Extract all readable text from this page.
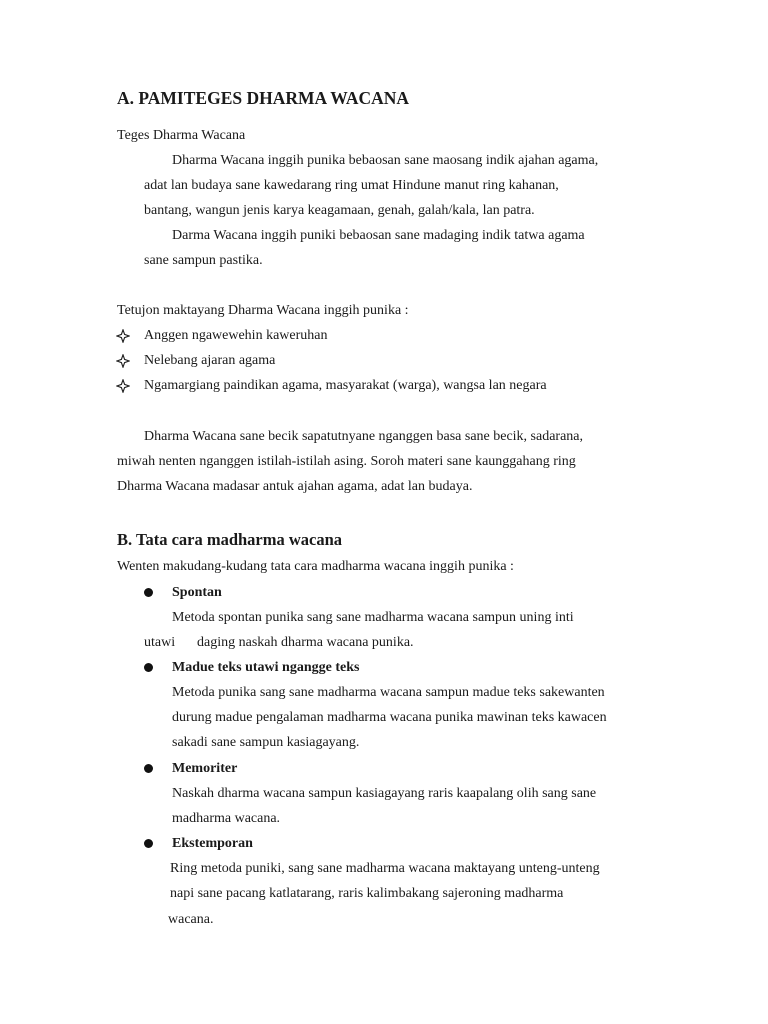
A. PAMITEGES DHARMA WACANA
Teges Dharma Wacana
Dharma Wacana inggih punika bebaosan sane maosang indik ajahan agama,
adat lan budaya sane kawedarang ring umat Hindune manut ring kahanan,
bantang, wangun jenis karya keagamaan, genah, galah/kala, lan patra.
Darma Wacana inggih puniki bebaosan sane madaging indik tatwa agama
sane sampun pastika.
Tetujon maktayang Dharma Wacana inggih punika :
Anggen ngawewehin kaweruhan
Nelebang ajaran agama
Ngamargiang paindikan agama, masyarakat (warga), wangsa lan negara
Dharma Wacana sane becik sapatutnyane nganggen basa sane becik, sadarana,
miwah nenten nganggen istilah-istilah asing. Soroh materi sane kaunggahang ring
Dharma Wacana madasar antuk ajahan agama, adat lan budaya.
B. Tata cara madharma wacana
Wenten makudang-kudang tata cara madharma wacana inggih punika :
Spontan
Metoda spontan punika sang sane madharma wacana sampun uning inti
utawi daging naskah dharma wacana punika.
Madue teks utawi ngangge teks
Metoda punika sang sane madharma wacana sampun madue teks sakewanten
durung madue pengalaman madharma wacana punika mawinan teks kawacen
sakadi sane sampun kasiagayang.
Memoriter
Naskah dharma wacana sampun kasiagayang raris kaapalang olih sang sane
madharma wacana.
Ekstemporan
Ring metoda puniki, sang sane madharma wacana maktayang unteng-unteng
napi sane pacang katlatarang, raris kalimbakang sajeroning madharma
wacana.
